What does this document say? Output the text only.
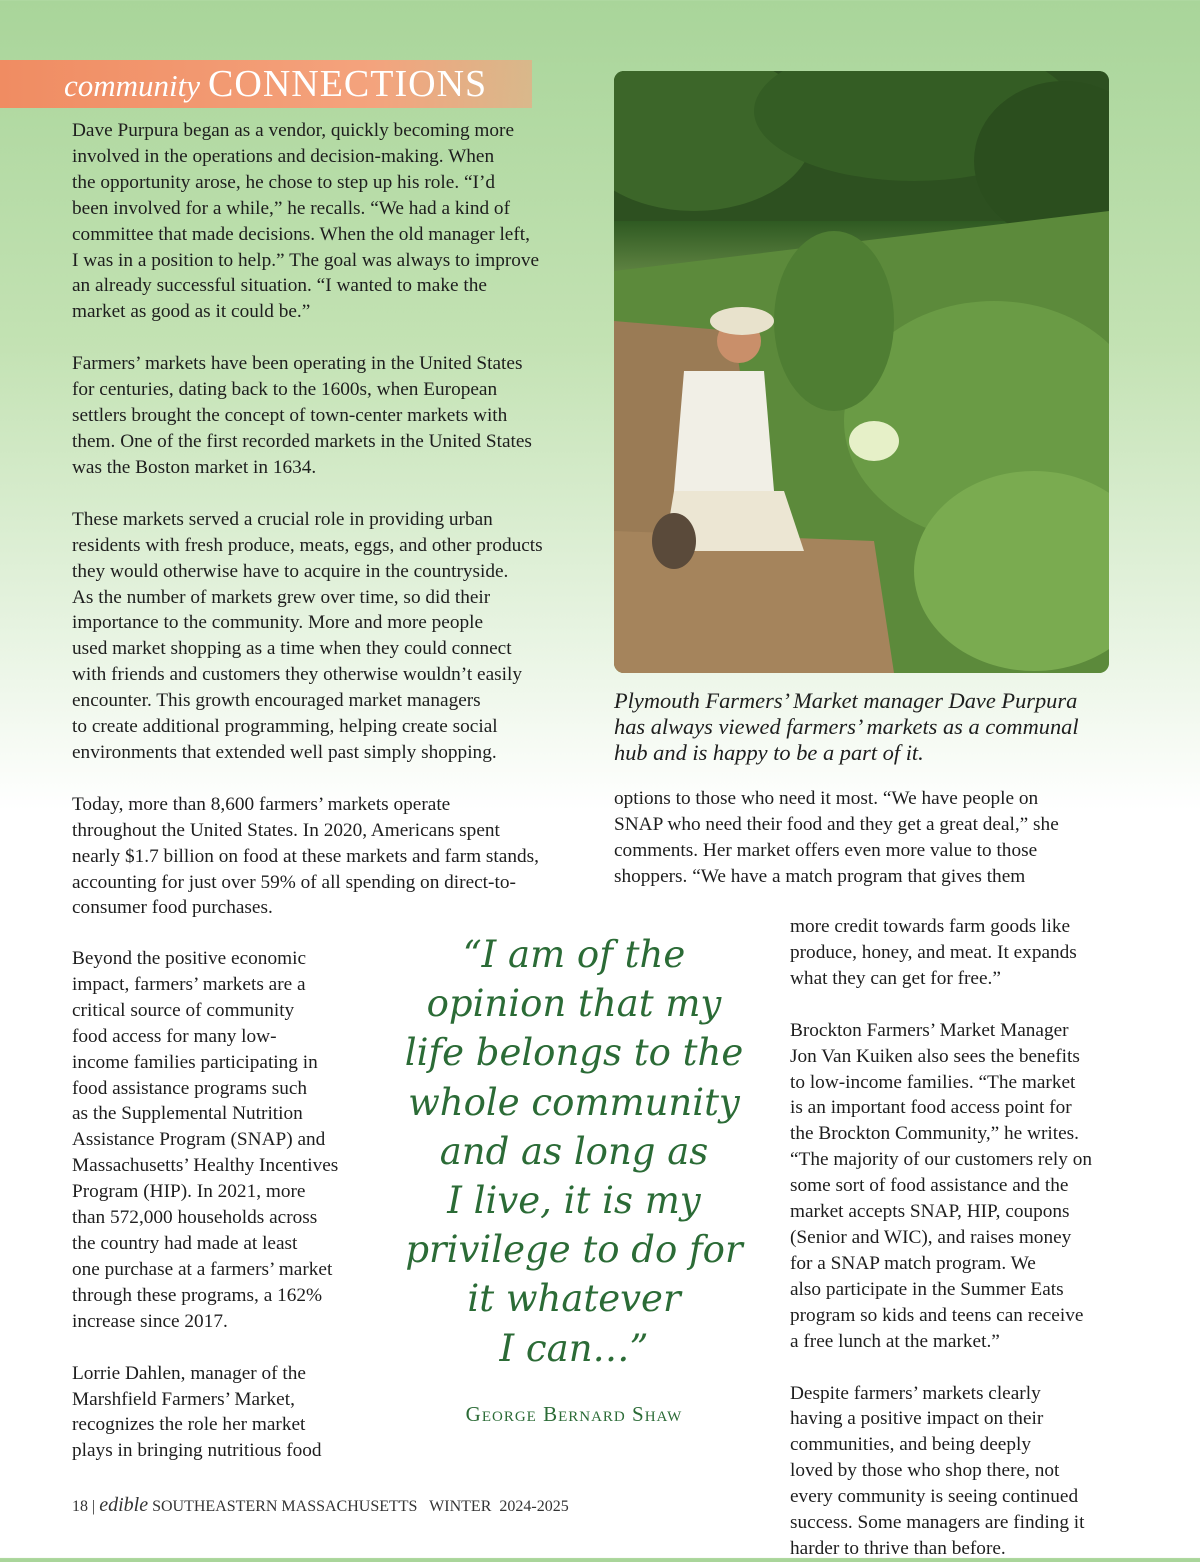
community CONNECTIONS

Dave Purpura began as a vendor, quickly becoming more
involved in the operations and decision-making. When
the opportunity arose, he chose to step up his role. “I’d
been involved for a while,” he recalls. “We had a kind of
committee that made decisions. When the old manager left,
I was in a position to help.” The goal was always to improve
an already successful situation. “I wanted to make the
market as good as it could be.”

Farmers’ markets have been operating in the United States
for centuries, dating back to the 1600s, when European
settlers brought the concept of town-center markets with
them. One of the first recorded markets in the United States
was the Boston market in 1634.

These markets served a crucial role in providing urban
residents with fresh produce, meats, eggs, and other products
they would otherwise have to acquire in the countryside.
As the number of markets grew over time, so did their
importance to the community. More and more people
used market shopping as a time when they could connect
with friends and customers they otherwise wouldn’t easily
encounter. This growth encouraged market managers
to create additional programming, helping create social
environments that extended well past simply shopping.

Today, more than 8,600 farmers’ markets operate
throughout the United States. In 2020, Americans spent
nearly $1.7 billion on food at these markets and farm stands,
accounting for just over 59% of all spending on direct-to-
consumer food purchases.

Beyond the positive economic
impact, farmers’ markets are a
critical source of community
food access for many low-
income families participating in
food assistance programs such
as the Supplemental Nutrition
Assistance Program (SNAP) and
Massachusetts’ Healthy Incentives
Program (HIP). In 2021, more
than 572,000 households across
the country had made at least
one purchase at a farmers’ market
through these programs, a 162%
increase since 2017.

Lorrie Dahlen, manager of the
Marshfield Farmers’ Market,
recognizes the role her market
plays in bringing nutritious food

Plymouth Farmers’ Market manager Dave Purpura
has always viewed farmers’ markets as a communal
hub and is happy to be a part of it.
options to those who need it most. “We have people on
SNAP who need their food and they get a great deal,” she
comments. Her market offers even more value to those
shoppers. “We have a match program that gives them

more credit towards farm goods like
produce, honey, and meat. It expands
what they can get for free.”

Brockton Farmers’ Market Manager
Jon Van Kuiken also sees the benefits
to low-income families. “The market
is an important food access point for
the Brockton Community,” he writes.
“The majority of our customers rely on
some sort of food assistance and the
market accepts SNAP, HIP, coupons
(Senior and WIC), and raises money
for a SNAP match program. We
also participate in the Summer Eats
program so kids and teens can receive
a free lunch at the market.”

Despite farmers’ markets clearly
having a positive impact on their
communities, and being deeply
loved by those who shop there, not
every community is seeing continued
success. Some managers are finding it
harder to thrive than before.

“I am of the
opinion that my
life belongs to the
whole community
and as long as
I live, it is my
privilege to do for
it whatever
I can…”
George Bernard Shaw
18 | edible SOUTHEASTERN MASSACHUSETTS WINTER  2024-2025
